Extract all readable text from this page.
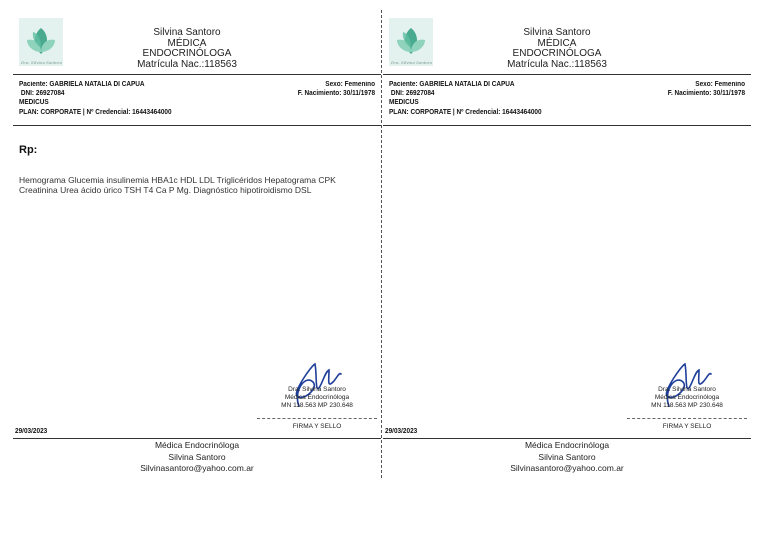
Dra. Silvina Santoro
Silvina Santoro
MÉDICA
ENDOCRINÓLOGA
Matrícula Nac.:118563
Paciente: GABRIELA NATALIA DI CAPUA
DNI: 26927084
MEDICUS
PLAN: CORPORATE | Nº Credencial: 16443464000
Sexo: Femenino
F. Nacimiento: 30/11/1978
Rp:
Hemograma Glucemia insulinemia HBA1c HDL LDL Triglicéridos Hepatograma CPK Creatinina Urea ácido úrico TSH T4 Ca P Mg. Diagnóstico hipotiroidismo DSL
Dra. Silvina Santoro
Médica Endocrinóloga
MN 118.563 MP 230.648
FIRMA Y SELLO
29/03/2023
Médica Endocrinóloga
Silvina Santoro
Silvinasantoro@yahoo.com.ar
Dra. Silvina Santoro
Silvina Santoro
MÉDICA
ENDOCRINÓLOGA
Matrícula Nac.:118563
Paciente: GABRIELA NATALIA DI CAPUA
DNI: 26927084
MEDICUS
PLAN: CORPORATE | Nº Credencial: 16443464000
Sexo: Femenino
F. Nacimiento: 30/11/1978
Dra. Silvina Santoro
Médica Endocrinóloga
MN 118.563 MP 230.648
FIRMA Y SELLO
29/03/2023
Médica Endocrinóloga
Silvina Santoro
Silvinasantoro@yahoo.com.ar
